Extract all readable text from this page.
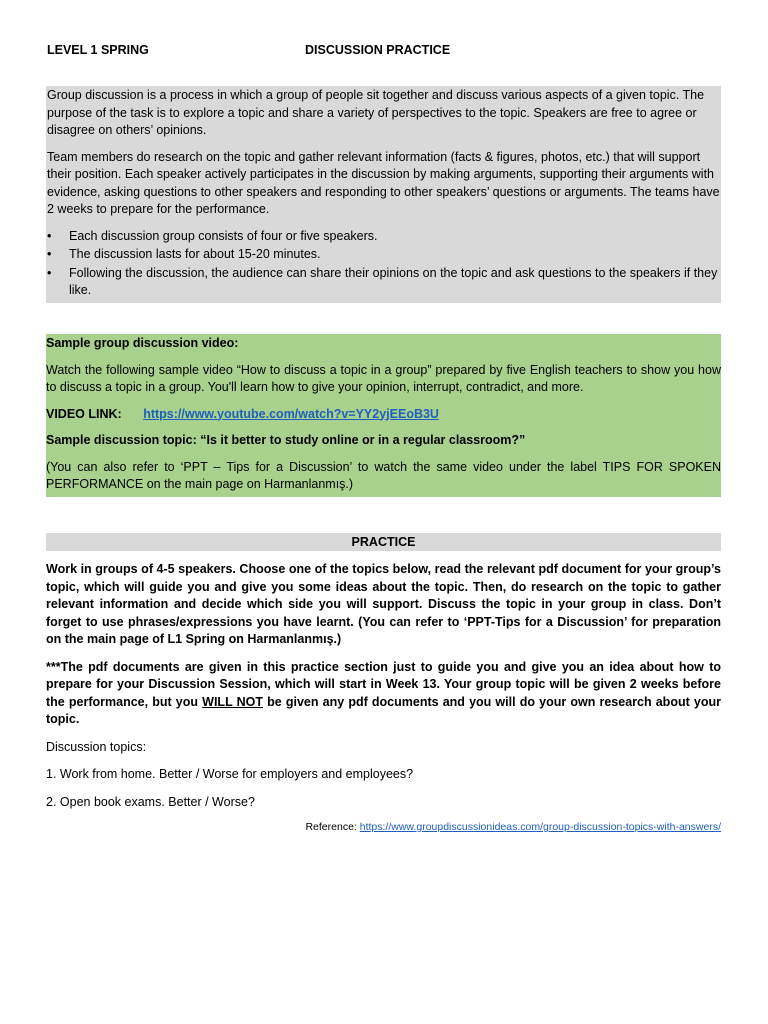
LEVEL 1 SPRING	DISCUSSION PRACTICE

Group discussion is a process in which a group of people sit together and discuss various aspects of a given topic. The purpose of the task is to explore a topic and share a variety of perspectives to the topic. Speakers are free to agree or disagree on others’ opinions.

Team members do research on the topic and gather relevant information (facts & figures, photos, etc.) that will support their position. Each speaker actively participates in the discussion by making arguments, supporting their arguments with evidence, asking questions to other speakers and responding to other speakers’ questions or arguments. The teams have 2 weeks to prepare for the performance.

• Each discussion group consists of four or five speakers.
• The discussion lasts for about 15-20 minutes.
• Following the discussion, the audience can share their opinions on the topic and ask questions to the speakers if they like.

Sample group discussion video:

Watch the following sample video “How to discuss a topic in a group” prepared by five English teachers to show you how to discuss a topic in a group. You'll learn how to give your opinion, interrupt, contradict, and more.

VIDEO LINK: https://www.youtube.com/watch?v=YY2yjEEoB3U

Sample discussion topic: “Is it better to study online or in a regular classroom?”

(You can also refer to ‘PPT – Tips for a Discussion’ to watch the same video under the label TIPS FOR SPOKEN PERFORMANCE on the main page on Harmanlanmış.)

PRACTICE

Work in groups of 4-5 speakers. Choose one of the topics below, read the relevant pdf document for your group’s topic, which will guide you and give you some ideas about the topic. Then, do research on the topic to gather relevant information and decide which side you will support. Discuss the topic in your group in class. Don’t forget to use phrases/expressions you have learnt. (You can refer to ‘PPT-Tips for a Discussion’ for preparation on the main page of L1 Spring on Harmanlanmış.)

***The pdf documents are given in this practice section just to guide you and give you an idea about how to prepare for your Discussion Session, which will start in Week 13. Your group topic will be given 2 weeks before the performance, but you WILL NOT be given any pdf documents and you will do your own research about your topic.

Discussion topics:

1. Work from home. Better / Worse for employers and employees?

2. Open book exams. Better / Worse?

Reference: https://www.groupdiscussionideas.com/group-discussion-topics-with-answers/
